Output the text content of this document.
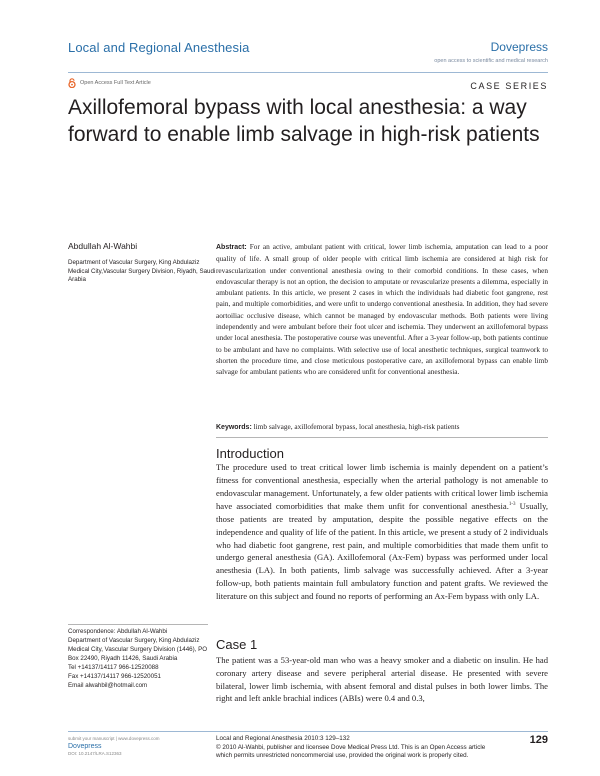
Local and Regional Anesthesia	Dovepress
open access to scientific and medical research
Open Access Full Text Article	CASE SERIES
Axillofemoral bypass with local anesthesia: a way forward to enable limb salvage in high-risk patients
Abdullah Al-Wahbi
Department of Vascular Surgery, King Abdulaziz Medical City,Vascular Surgery Division, Riyadh, Saudi Arabia
Abstract: For an active, ambulant patient with critical, lower limb ischemia, amputation can lead to a poor quality of life. A small group of older people with critical limb ischemia are considered at high risk for revascularization under conventional anesthesia owing to their comorbid conditions. In these cases, when endovascular therapy is not an option, the decision to amputate or revascularize presents a dilemma, especially in ambulant patients. In this article, we present 2 cases in which the individuals had diabetic foot gangrene, rest pain, and multiple comorbidities, and were unfit to undergo conventional anesthesia. In addition, they had severe aortoiliac occlusive disease, which cannot be managed by endovascular methods. Both patients were living independently and were ambulant before their foot ulcer and ischemia. They underwent an axillofemoral bypass under local anesthesia. The postoperative course was uneventful. After a 3-year follow-up, both patients continue to be ambulant and have no complaints. With selective use of local anesthetic techniques, surgical teamwork to shorten the procedure time, and close meticulous postoperative care, an axillofemoral bypass can enable limb salvage for ambulant patients who are considered unfit for conventional anesthesia.
Keywords: limb salvage, axillofemoral bypass, local anesthesia, high-risk patients
Introduction
The procedure used to treat critical lower limb ischemia is mainly dependent on a patient’s fitness for conventional anesthesia, especially when the arterial pathology is not amenable to endovascular management. Unfortunately, a few older patients with critical lower limb ischemia have associated comorbidities that make them unfit for conventional anesthesia.$^{1-3}$ Usually, those patients are treated by amputation, despite the possible negative effects on the independence and quality of life of the patient. In this article, we present a study of 2 individuals who had diabetic foot gangrene, rest pain, and multiple comorbidities that made them unfit to undergo general anesthesia (GA). Axillofemoral (Ax-Fem) bypass was performed under local anesthesia (LA). In both patients, limb salvage was successfully achieved. After a 3-year follow-up, both patients maintain full ambulatory function and patent grafts. We reviewed the literature on this subject and found no reports of performing an Ax-Fem bypass with only LA.
Case 1
The patient was a 53-year-old man who was a heavy smoker and a diabetic on insulin. He had coronary artery disease and severe peripheral arterial disease. He presented with severe bilateral, lower limb ischemia, with absent femoral and distal pulses in both lower limbs. The right and left ankle brachial indices (ABIs) were 0.4 and 0.3,
Correspondence: Abdullah Al-Wahbi
Department of Vascular Surgery, King Abdulaziz Medical City, Vascular Surgery Division (1446), PO Box 22490, Riyadh 11426, Saudi Arabia
Tel +14137/14117 966-12520088
Fax +14137/14117 966-12520051
Email alwahbil@hotmail.com
submit your manuscript | www.dovepress.com
Dovepress
DOI: 10.2147/LRA.S12363
Local and Regional Anesthesia 2010:3 129–132
© 2010 Al-Wahbi, publisher and licensee Dove Medical Press Ltd. This is an Open Access article
which permits unrestricted noncommercial use, provided the original work is properly cited.
129
